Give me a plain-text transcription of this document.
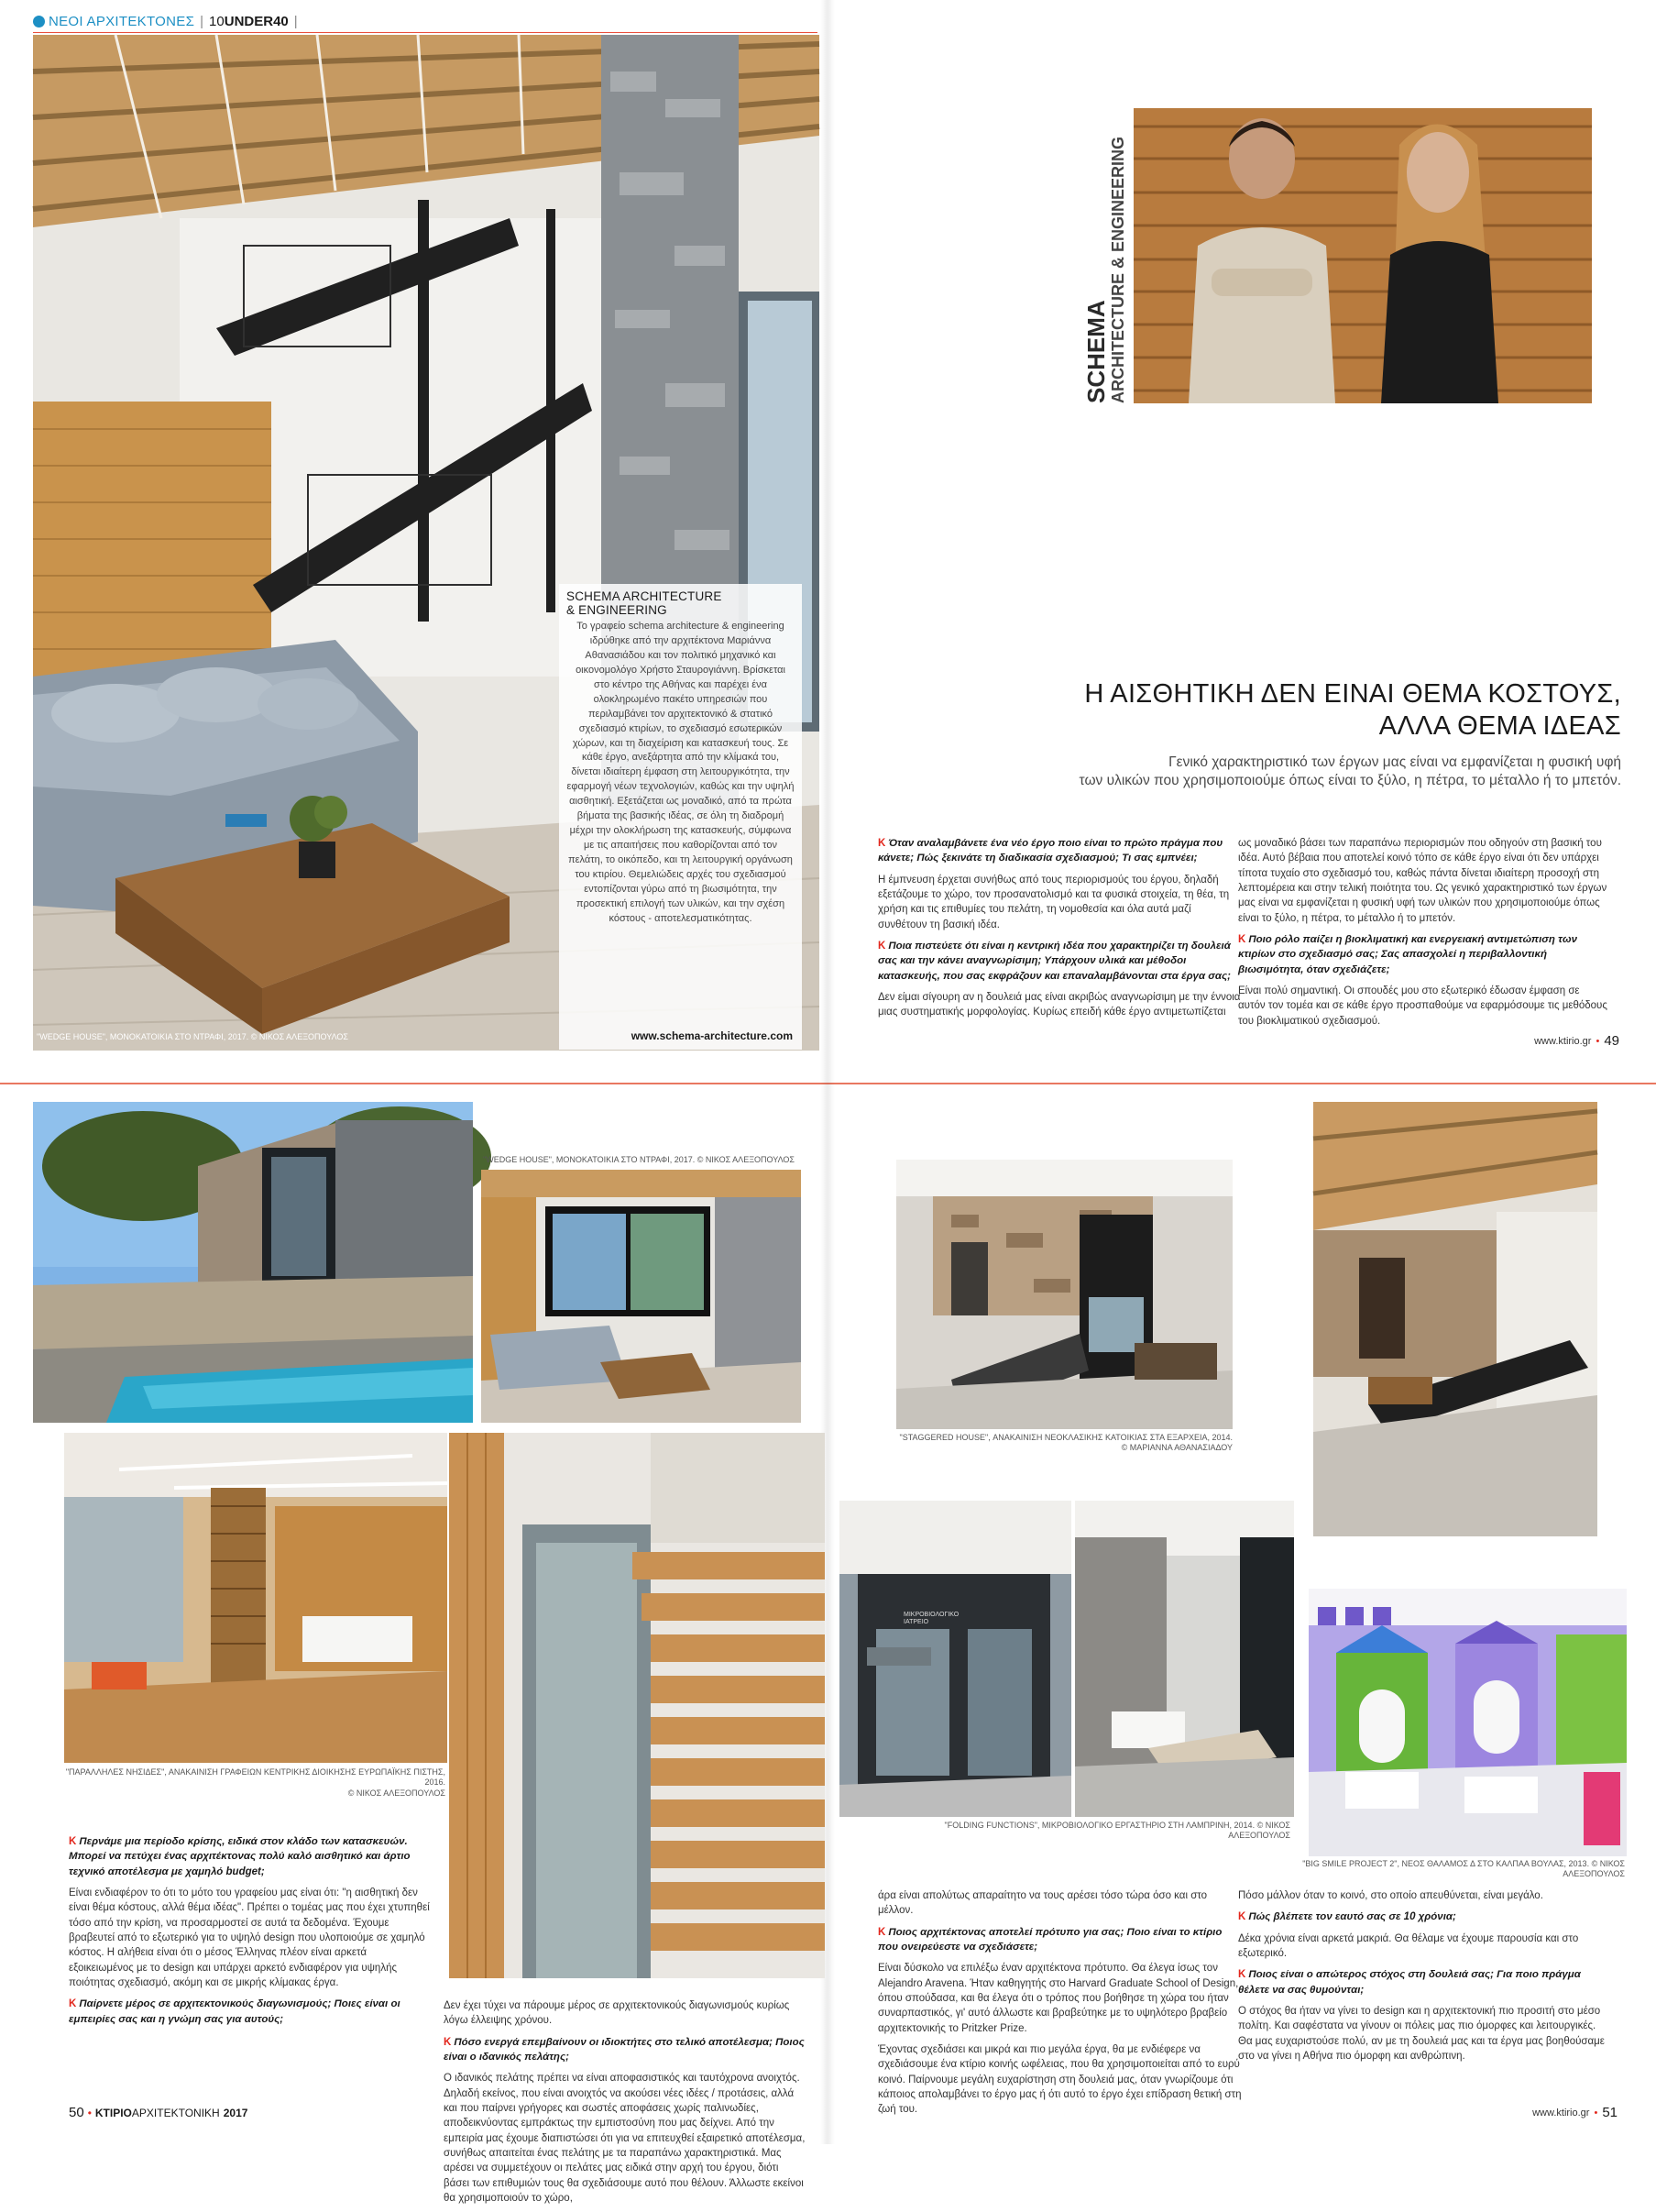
ΝΕΟΙ ΑΡΧΙΤΕΚΤΟΝΕΣ | 10 UNDER40 |
"WEDGE HOUSE", ΜΟΝΟΚΑΤΟΙΚΙΑ ΣΤΟ ΝΤΡΑΦΙ, 2017. © ΝΙΚΟΣ ΑΛΕΞΟΠΟΥΛΟΣ
SCHEMA ARCHITECTURE
& ENGINEERING
Το γραφείο schema architecture & engineering ιδρύθηκε από την αρχιτέκτονα Μαριάννα Αθανασιάδου και τον πολιτικό μηχανικό και οικονομολόγο Χρήστο Σταυρογιάννη. Βρίσκεται στο κέντρο της Αθήνας και παρέχει ένα ολοκληρωμένο πακέτο υπηρεσιών που περιλαμβάνει τον αρχιτεκτονικό & στατικό σχεδιασμό κτιρίων, το σχεδιασμό εσωτερικών χώρων, και τη διαχείριση και κατασκευή τους. Σε κάθε έργο, ανεξάρτητα από την κλίμακά του, δίνεται ιδιαίτερη έμφαση στη λειτουργικότητα, την εφαρμογή νέων τεχνολογιών, καθώς και την υψηλή αισθητική. Εξετάζεται ως μοναδικό, από τα πρώτα βήματα της βασικής ιδέας, σε όλη τη διαδρομή μέχρι την ολοκλήρωση της κατασκευής, σύμφωνα με τις απαιτήσεις που καθορίζονται από τον πελάτη, το οικόπεδο, και τη λειτουργική οργάνωση του κτιρίου. Θεμελιώδεις αρχές του σχεδιασμού εντοπίζονται γύρω από τη βιωσιμότητα, την προσεκτική επιλογή των υλικών, και την σχέση κόστους - αποτελεσματικότητας.
www.schema-architecture.com
SCHEMA ARCHITECTURE & ENGINEERING
Η ΑΙΣΘΗΤΙΚΗ ΔΕΝ ΕΙΝΑΙ ΘΕΜΑ ΚΟΣΤΟΥΣ,
ΑΛΛΑ ΘΕΜΑ ΙΔΕΑΣ
Γενικό χαρακτηριστικό των έργων μας είναι να εμφανίζεται η φυσική υφή
των υλικών που χρησιμοποιούμε όπως είναι το ξύλο, η πέτρα, το μέταλλο ή το μπετόν.
Κ Όταν αναλαμβάνετε ένα νέο έργο ποιο είναι το πρώτο πράγμα που κάνετε; Πώς ξεκινάτε τη διαδικασία σχεδιασμού; Τι σας εμπνέει;
Η έμπνευση έρχεται συνήθως από τους περιορισμούς του έργου, δηλαδή εξετάζουμε το χώρο, τον προσανατολισμό και τα φυσικά στοιχεία, τη θέα, τη χρήση και τις επιθυμίες του πελάτη, τη νομοθεσία και όλα αυτά μαζί συνθέτουν τη βασική ιδέα.
Κ Ποια πιστεύετε ότι είναι η κεντρική ιδέα που χαρακτηρίζει τη δουλειά σας και την κάνει αναγνωρίσιμη; Υπάρχουν υλικά και μέθοδοι κατασκευής, που σας εκφράζουν και επαναλαμβάνονται στα έργα σας;
Δεν είμαι σίγουρη αν η δουλειά μας είναι ακριβώς αναγνωρίσιμη με την έννοια μιας συστηματικής μορφολογίας. Κυρίως επειδή κάθε έργο αντιμετωπίζεται
ως μοναδικό βάσει των παραπάνω περιορισμών που οδηγούν στη βασική του ιδέα. Αυτό βέβαια που αποτελεί κοινό τόπο σε κάθε έργο είναι ότι δεν υπάρχει τίποτα τυχαίο στο σχεδιασμό του, καθώς πάντα δίνεται ιδιαίτερη προσοχή στη λεπτομέρεια και στην τελική ποιότητα του. Ως γενικό χαρακτηριστικό των έργων μας είναι να εμφανίζεται η φυσική υφή των υλικών που χρησιμοποιούμε όπως είναι το ξύλο, η πέτρα, το μέταλλο ή το μπετόν.
Κ Ποιο ρόλο παίζει η βιοκλιματική και ενεργειακή αντιμετώπιση των κτιρίων στο σχεδιασμό σας; Σας απασχολεί η περιβαλλοντική βιωσιμότητα, όταν σχεδιάζετε;
Είναι πολύ σημαντική. Οι σπουδές μου στο εξωτερικό έδωσαν έμφαση σε αυτόν τον τομέα και σε κάθε έργο προσπαθούμε να εφαρμόσουμε τις μεθόδους του βιοκλιματικού σχεδιασμού.
www.ktirio.gr • 49
"WEDGE HOUSE", ΜΟΝΟΚΑΤΟΙΚΙΑ ΣΤΟ ΝΤΡΑΦΙ, 2017. © ΝΙΚΟΣ ΑΛΕΞΟΠΟΥΛΟΣ
"ΠΑΡΑΛΛΗΛΕΣ ΝΗΣΙΔΕΣ", ΑΝΑΚΑΙΝΙΣΗ ΓΡΑΦΕΙΩΝ ΚΕΝΤΡΙΚΗΣ ΔΙΟΙΚΗΣΗΣ ΕΥΡΩΠΑΪΚΗΣ ΠΙΣΤΗΣ, 2016.
© ΝΙΚΟΣ ΑΛΕΞΟΠΟΥΛΟΣ
Κ Περνάμε μια περίοδο κρίσης, ειδικά στον κλάδο των κατασκευών. Μπορεί να πετύχει ένας αρχιτέκτονας πολύ καλό αισθητικό και άρτιο τεχνικό αποτέλεσμα με χαμηλό budget;
Είναι ενδιαφέρον το ότι το μότο του γραφείου μας είναι ότι: "η αισθητική δεν είναι θέμα κόστους, αλλά θέμα ιδέας". Πρέπει ο τομέας μας που έχει χτυπηθεί τόσο από την κρίση, να προσαρμοστεί σε αυτά τα δεδομένα. Έχουμε βραβευτεί από το εξωτερικό για το υψηλό design που υλοποιούμε σε χαμηλό κόστος. Η αλήθεια είναι ότι ο μέσος Έλληνας πλέον είναι αρκετά εξοικειωμένος με το design και υπάρχει αρκετό ενδιαφέρον για υψηλής ποιότητας σχεδιασμό, ακόμη και σε μικρής κλίμακας έργα.
Κ Παίρνετε μέρος σε αρχιτεκτονικούς διαγωνισμούς; Ποιες είναι οι εμπειρίες σας και η γνώμη σας για αυτούς;
Δεν έχει τύχει να πάρουμε μέρος σε αρχιτεκτονικούς διαγωνισμούς κυρίως λόγω έλλειψης χρόνου.
Κ Πόσο ενεργά επεμβαίνουν οι ιδιοκτήτες στο τελικό αποτέλεσμα; Ποιος είναι ο ιδανικός πελάτης;
Ο ιδανικός πελάτης πρέπει να είναι αποφασιστικός και ταυτόχρονα ανοιχτός. Δηλαδή εκείνος, που είναι ανοιχτός να ακούσει νέες ιδέες / προτάσεις, αλλά και που παίρνει γρήγορες και σωστές αποφάσεις χωρίς παλινωδίες, αποδεικνύοντας εμπράκτως την εμπιστοσύνη που μας δείχνει. Από την εμπειρία μας έχουμε διαπιστώσει ότι για να επιτευχθεί εξαιρετικό αποτέλεσμα, συνήθως απαιτείται ένας πελάτης με τα παραπάνω χαρακτηριστικά. Μας αρέσει να συμμετέχουν οι πελάτες μας ειδικά στην αρχή του έργου, διότι βάσει των επιθυμιών τους θα σχεδιάσουμε αυτό που θέλουν. Άλλωστε εκείνοι θα χρησιμοποιούν το χώρο,
50 • ΚΤΙΡΙΟ ΑΡΧΙΤΕΚΤΟΝΙΚΗ 2017
"STAGGERED HOUSE", ΑΝΑΚΑΙΝΙΣΗ ΝΕΟΚΛΑΣΙΚΗΣ ΚΑΤΟΙΚΙΑΣ ΣΤΑ ΕΞΑΡΧΕΙΑ, 2014.
© ΜΑΡΙΑΝΝΑ ΑΘΑΝΑΣΙΑΔΟΥ
ΜΙΚΡΟΒΙΟΛΟΓΙΚΟ ΙΑΤΡΕΙΟ
"FOLDING FUNCTIONS", ΜΙΚΡΟΒΙΟΛΟΓΙΚΟ ΕΡΓΑΣΤΗΡΙΟ ΣΤΗ ΛΑΜΠΡΙΝΗ, 2014. © ΝΙΚΟΣ ΑΛΕΞΟΠΟΥΛΟΣ
"BIG SMILE PROJECT 2", ΝΕΟΣ ΘΑΛΑΜΟΣ Δ ΣΤΟ ΚΑΛΠΑΑ ΒΟΥΛΑΣ, 2013. © ΝΙΚΟΣ ΑΛΕΞΟΠΟΥΛΟΣ
άρα είναι απολύτως απαραίτητο να τους αρέσει τόσο τώρα όσο και στο μέλλον.
Κ Ποιος αρχιτέκτονας αποτελεί πρότυπο για σας; Ποιο είναι το κτίριο που ονειρεύεστε να σχεδιάσετε;
Είναι δύσκολο να επιλέξω έναν αρχιτέκτονα πρότυπο. Θα έλεγα ίσως τον Alejandro Aravena. Ήταν καθηγητής στο Harvard Graduate School of Design, όπου σπούδασα, και θα έλεγα ότι ο τρόπος που βοήθησε τη χώρα του ήταν συναρπαστικός, γι' αυτό άλλωστε και βραβεύτηκε με το υψηλότερο βραβείο αρχιτεκτονικής το Pritzker Prize.
Έχοντας σχεδιάσει και μικρά και πιο μεγάλα έργα, θα με ενδιέφερε να σχεδιάσουμε ένα κτίριο κοινής ωφέλειας, που θα χρησιμοποιείται από το ευρύ κοινό. Παίρνουμε μεγάλη ευχαρίστηση στη δουλειά μας, όταν γνωρίζουμε ότι κάποιος απολαμβάνει το έργο μας ή ότι αυτό το έργο έχει επίδραση θετική στη ζωή του.
Πόσο μάλλον όταν το κοινό, στο οποίο απευθύνεται, είναι μεγάλο.
Κ Πώς βλέπετε τον εαυτό σας σε 10 χρόνια;
Δέκα χρόνια είναι αρκετά μακριά. Θα θέλαμε να έχουμε παρουσία και στο εξωτερικό.
Κ Ποιος είναι ο απώτερος στόχος στη δουλειά σας; Για ποιο πράγμα θέλετε να σας θυμούνται;
Ο στόχος θα ήταν να γίνει το design και η αρχιτεκτονική πιο προσιτή στο μέσο πολίτη. Και σαφέστατα να γίνουν οι πόλεις μας πιο όμορφες και λειτουργικές. Θα μας ευχαριστούσε πολύ, αν με τη δουλειά μας και τα έργα μας βοηθούσαμε στο να γίνει η Αθήνα πιο όμορφη και ανθρώπινη.
www.ktirio.gr • 51
